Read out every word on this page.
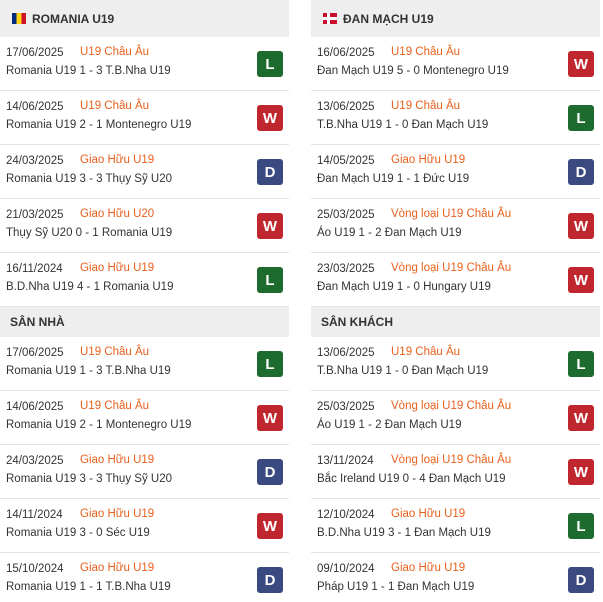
ROMANIA U19
17/06/2025 U19 Châu Âu
Romania U19 1 - 3 T.B.Nha U19	L
14/06/2025 U19 Châu Âu
Romania U19 2 - 1 Montenegro U19	W
24/03/2025 Giao Hữu U19
Romania U19 3 - 3 Thụy Sỹ U20	D
21/03/2025 Giao Hữu U20
Thụy Sỹ U20 0 - 1 Romania U19	W
16/11/2024 Giao Hữu U19
B.D.Nha U19 4 - 1 Romania U19	L
SÂN NHÀ
17/06/2025 U19 Châu Âu
Romania U19 1 - 3 T.B.Nha U19	L
14/06/2025 U19 Châu Âu
Romania U19 2 - 1 Montenegro U19	W
24/03/2025 Giao Hữu U19
Romania U19 3 - 3 Thụy Sỹ U20	D
14/11/2024 Giao Hữu U19
Romania U19 3 - 0 Séc U19	W
15/10/2024 Giao Hữu U19
Romania U19 1 - 1 T.B.Nha U19	D
ĐAN MẠCH U19
16/06/2025 U19 Châu Âu
Đan Mạch U19 5 - 0 Montenegro U19	W
13/06/2025 U19 Châu Âu
T.B.Nha U19 1 - 0 Đan Mạch U19	L
14/05/2025 Giao Hữu U19
Đan Mạch U19 1 - 1 Đức U19	D
25/03/2025 Vòng loại U19 Châu Âu
Áo U19 1 - 2 Đan Mạch U19	W
23/03/2025 Vòng loại U19 Châu Âu
Đan Mạch U19 1 - 0 Hungary U19	W
SÂN KHÁCH
13/06/2025 U19 Châu Âu
T.B.Nha U19 1 - 0 Đan Mạch U19	L
25/03/2025 Vòng loại U19 Châu Âu
Áo U19 1 - 2 Đan Mạch U19	W
13/11/2024 Vòng loại U19 Châu Âu
Bắc Ireland U19 0 - 4 Đan Mạch U19	W
12/10/2024 Giao Hữu U19
B.D.Nha U19 3 - 1 Đan Mạch U19	L
09/10/2024 Giao Hữu U19
Pháp U19 1 - 1 Đan Mạch U19	D
